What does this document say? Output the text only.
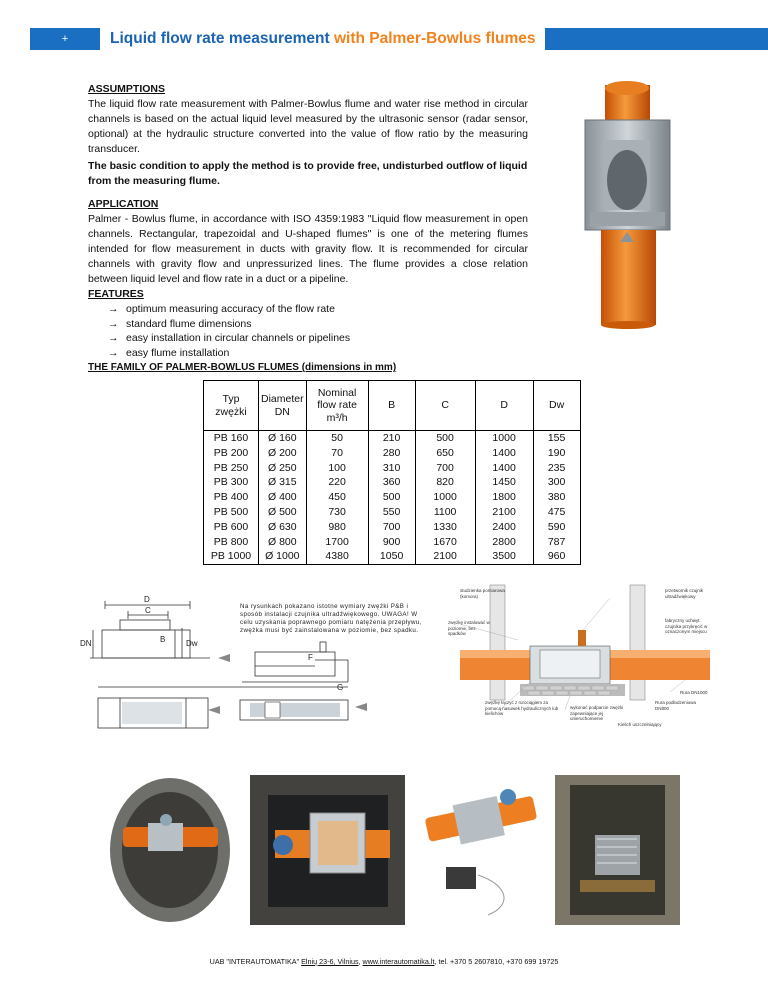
+	Liquid flow rate measurement with Palmer-Bowlus flumes
ASSUMPTIONS
The liquid flow rate measurement with Palmer-Bowlus flume and water rise method in circular channels is based on the actual liquid level measured by the ultrasonic sensor (radar sensor, optional) at the hydraulic structure converted into the value of flow ratio by the measuring transducer.
The basic condition to apply the method is to provide free, undisturbed outflow of liquid from the measuring flume.
APPLICATION
Palmer - Bowlus flume, in accordance with ISO 4359:1983 "Liquid flow measurement in open channels. Rectangular, trapezoidal and U-shaped flumes" is one of the metering flumes intended for flow measurement in ducts with gravity flow. It is recommended for circular channels with gravity flow and unpressurized lines. The flume provides a close relation between liquid level and flow rate in a duct or a pipeline.
FEATURES
→ optimum measuring accuracy of the flow rate
→ standard flume dimensions
→ easy installation in circular channels or pipelines
→ easy flume installation
THE FAMILY OF PALMER-BOWLUS FLUMES (dimensions in mm)
Typ zwężki	Diameter DN	Nominal flow rate m³/h	B	C	D	Dw
PB 160	Ø 160	50	210	500	1000	155
PB 200	Ø 200	70	280	650	1400	190
PB 250	Ø 250	100	310	700	1400	235
PB 300	Ø 315	220	360	820	1450	300
PB 400	Ø 400	450	500	1000	1800	380
PB 500	Ø 500	730	550	1100	2100	475
PB 600	Ø 630	980	700	1330	2400	590
PB 800	Ø 800	1700	900	1670	2800	787
PB 1000	Ø 1000	4380	1050	2100	3500	960
D
C
B
DN	Dw
F
G
Na rysunkach pokazano istotne wymiary zwężki P&B i sposób instalacji czujnika ultradźwiękowego. UWAGA! W celu uzyskania poprawnego pomiaru natężenia przepływu, zwężka musi być zainstalowana w poziomie, bez spadku.
studzienka pomiarowa (komora)
zwężkę instalować w poziomie, bez spadków
przetwornik czujnik ultradźwiękowy
fabryczny uchwyt czujnika przykręcić w oznaczonym miejscu
Rura DN1000
zwężkę łączyć z rurociągiem za pomocą nasuwek hydraulicznych lub kielichów
wykonać podparcie zwężki zapewniające jej unieruchomienie
Rura podłodzeniowa DN800
Kielich uszczelniający
UAB "INTERAUTOMATIKA" Elnių 23-6, Vilnius, www.interautomatika.lt, tel. +370 5 2607810, +370 699 19725
